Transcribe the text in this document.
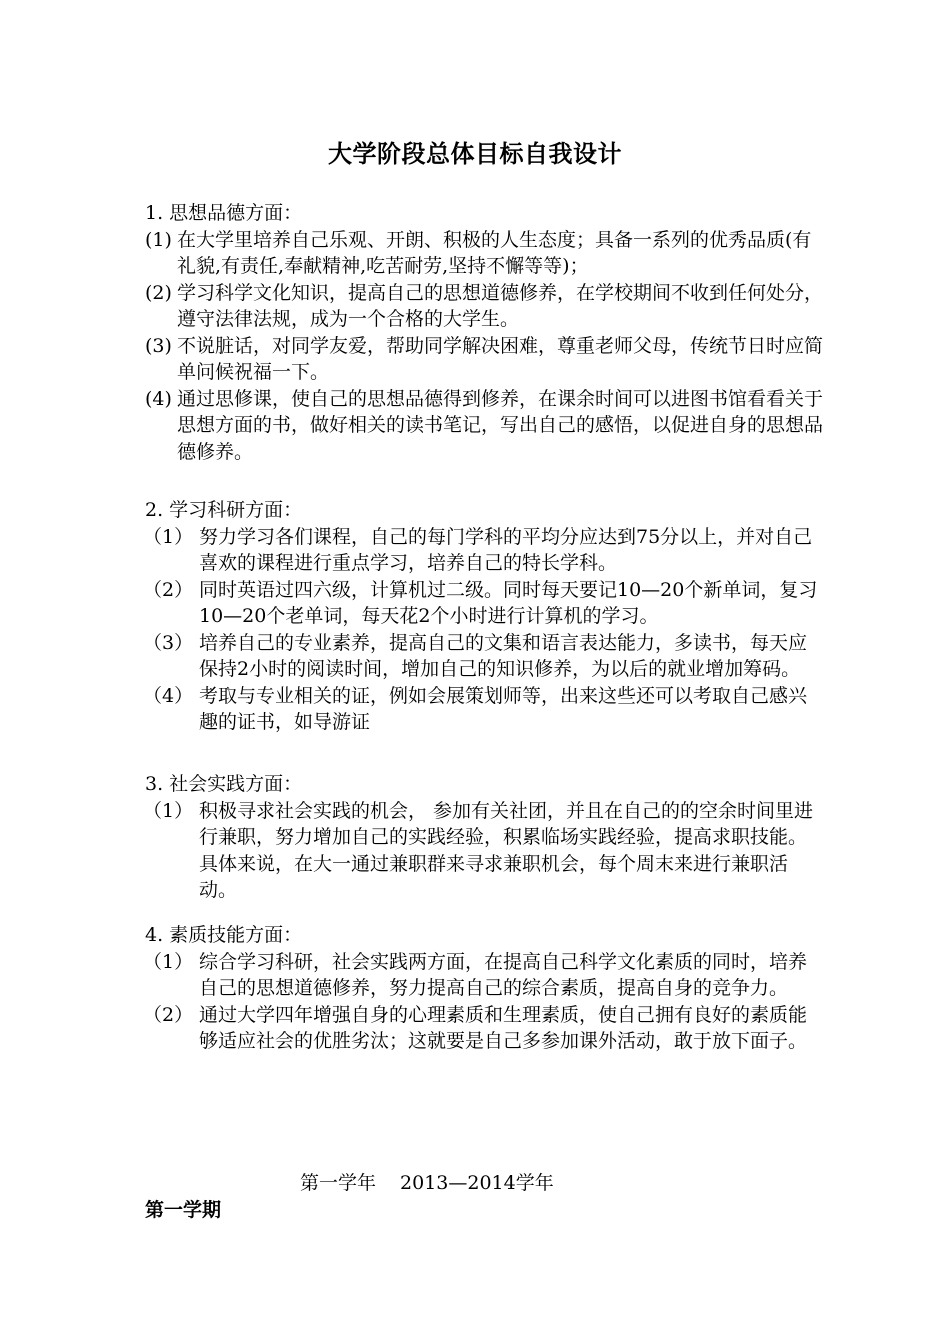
大学阶段总体目标自我设计
1. 思想品德方面：
(1) 在大学里培养自己乐观、开朗、积极的人生态度；具备一系列的优秀品质(有礼貌,有责任,奉献精神,吃苦耐劳,坚持不懈等等)；
(2) 学习科学文化知识，提高自己的思想道德修养，在学校期间不收到任何处分，遵守法律法规，成为一个合格的大学生。
(3) 不说脏话，对同学友爱，帮助同学解决困难，尊重老师父母，传统节日时应简单问候祝福一下。
(4) 通过思修课，使自己的思想品德得到修养，在课余时间可以进图书馆看看关于思想方面的书，做好相关的读书笔记，写出自己的感悟，以促进自身的思想品德修养。
2. 学习科研方面：
（1） 努力学习各们课程，自己的每门学科的平均分应达到75分以上，并对自己喜欢的课程进行重点学习，培养自己的特长学科。
（2） 同时英语过四六级，计算机过二级。同时每天要记10—20个新单词，复习10—20个老单词，每天花2个小时进行计算机的学习。
（3） 培养自己的专业素养，提高自己的文集和语言表达能力，多读书，每天应保持2小时的阅读时间，增加自己的知识修养，为以后的就业增加筹码。
（4） 考取与专业相关的证，例如会展策划师等，出来这些还可以考取自己感兴趣的证书，如导游证
3. 社会实践方面：
（1） 积极寻求社会实践的机会， 参加有关社团，并且在自己的的空余时间里进行兼职，努力增加自己的实践经验，积累临场实践经验，提高求职技能。具体来说，在大一通过兼职群来寻求兼职机会，每个周末来进行兼职活动。
4. 素质技能方面：
（1） 综合学习科研，社会实践两方面，在提高自己科学文化素质的同时，培养自己的思想道德修养，努力提高自己的综合素质，提高自身的竞争力。
（2） 通过大学四年增强自身的心理素质和生理素质，使自己拥有良好的素质能够适应社会的优胜劣汰；这就要是自己多参加课外活动，敢于放下面子。
第一学年 2013—2014学年
第一学期
